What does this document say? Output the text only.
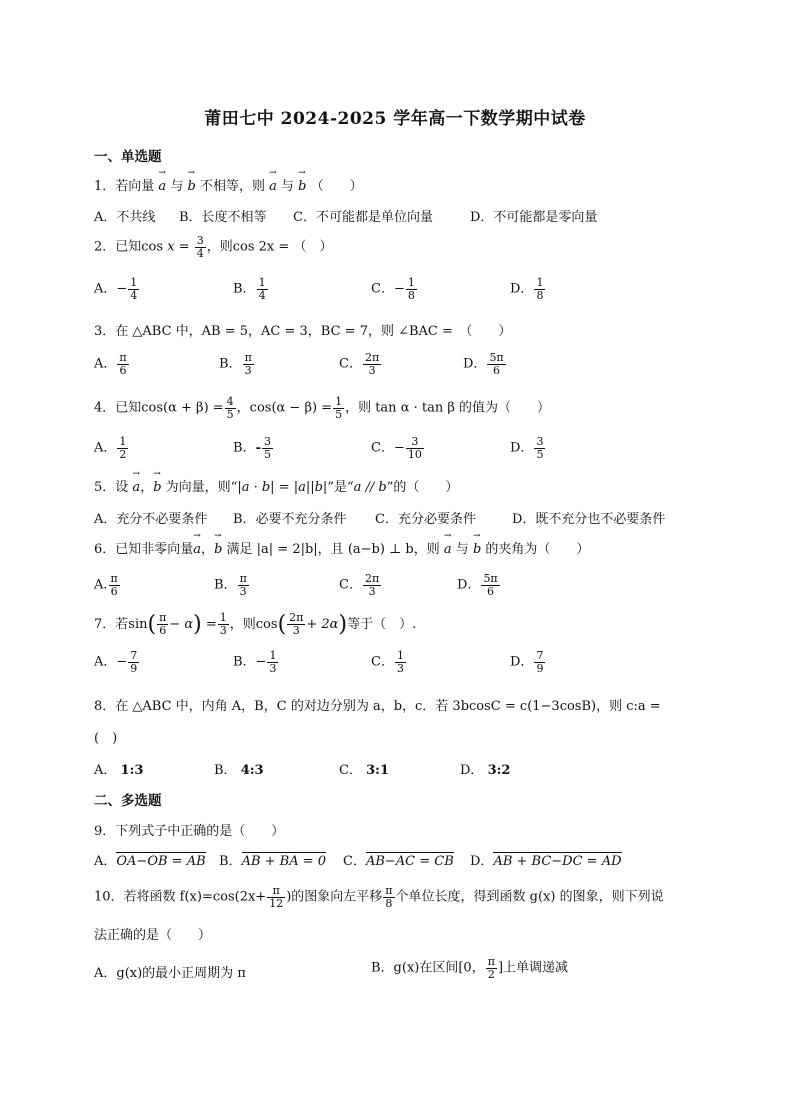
莆田七中 2024-2025 学年高一下数学期中试卷
一、单选题
1．若向量 a → 与 b → 不相等，则 a → 与 b → （　　）
A．不共线 B．长度不相等 C．不可能都是单位向量	D．不可能都是零向量
2．已知$\cos x = \frac{3}{4}$ ，则cos 2x = （　）
A．− $\frac{1}{4}$	B． $\frac{1}{4}$	C．− $\frac{1}{8}$	D． $\frac{1}{8}$
3．在 △ABC 中，AB = 5，AC = 3，BC = 7，则 ∠BAC =　（　　）
A． $\frac{\pi}{6}$	B． $\frac{\pi}{3}$	C． $\frac{2\pi}{3}$	D． $\frac{5\pi}{6}$
4．已知$\cos(\alpha + \beta) = \frac{4}{5}$ ，$\cos(\alpha - \beta) = \frac{1}{5}$ ，则 tan α · tan β 的值为（　　）
A． $\frac{1}{2}$	B．- $\frac{3}{5}$	C．− $\frac{3}{10}$	D． $\frac{3}{5}$
5．设 a →，b → 为向量，则“|a · b| = |a||b|”是“a // b”的（　　）
A．充分不必要条件 B．必要不充分条件 C．充分必要条件	D．既不充分也不必要条件
6．已知非零向量a →，b → 满足 |a| = 2|b|，且 (a−b) ⊥ b，则 a → 与 b → 的夹角为（　　）
A. $\frac{\pi}{6}$	B． $\frac{\pi}{3}$	C． $\frac{2\pi}{3}$	D． $\frac{5\pi}{6}$
7．若$\sin( \frac{\pi}{6} - \alpha) = \frac{1}{3}$ ，则$\cos( \frac{2\pi}{3} + 2\alpha)$等于（　）.
A．− $\frac{7}{9}$	B．− $\frac{1}{3}$	C． $\frac{1}{3}$	D． $\frac{7}{9}$
8．在 △ABC 中，内角 A，B，C 的对边分别为 a，b，c．若 3bcosC = c(1−3cosB)，则 c:a =
(　)
A． 1:3	B． 4:3	C． 3:1	D． 3:2
二、多选题
9．下列式子中正确的是（　　）
A．OA−OB = AB B．AB + BA = 0 C．AB−AC = CB D．AB + BC−DC = AD
10．若将函数 $f(x)=\cos(2x+ \frac{\pi}{12}$ )的图象向左平移 $\frac{\pi}{8}$ 个单位长度，得到函数 g(x) 的图象，则下列说
法正确的是（　　）
A．g(x)的最小正周期为 π	B．g(x)在区间[0， $\frac{\pi}{2}$ ]上单调递减
